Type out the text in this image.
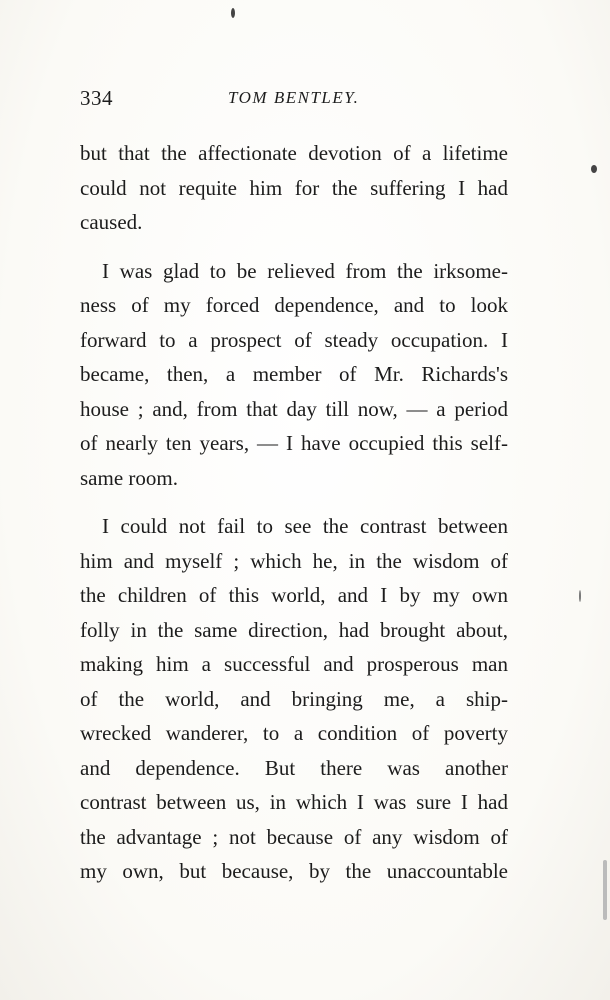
334	TOM BENTLEY.
but that the affectionate devotion of a lifetime
could not requite him for the suffering I had
caused.
I was glad to be relieved from the irksome-
ness of my forced dependence, and to look
forward to a prospect of steady occupation. I
became, then, a member of Mr. Richards's
house ; and, from that day till now, — a period
of nearly ten years, — I have occupied this self-
same room.
I could not fail to see the contrast between
him and myself ; which he, in the wisdom of
the children of this world, and I by my own
folly in the same direction, had brought about,
making him a successful and prosperous man
of the world, and bringing me, a ship-
wrecked wanderer, to a condition of poverty
and dependence. But there was another
contrast between us, in which I was sure I had
the advantage ; not because of any wisdom of
my own, but because, by the unaccountable
